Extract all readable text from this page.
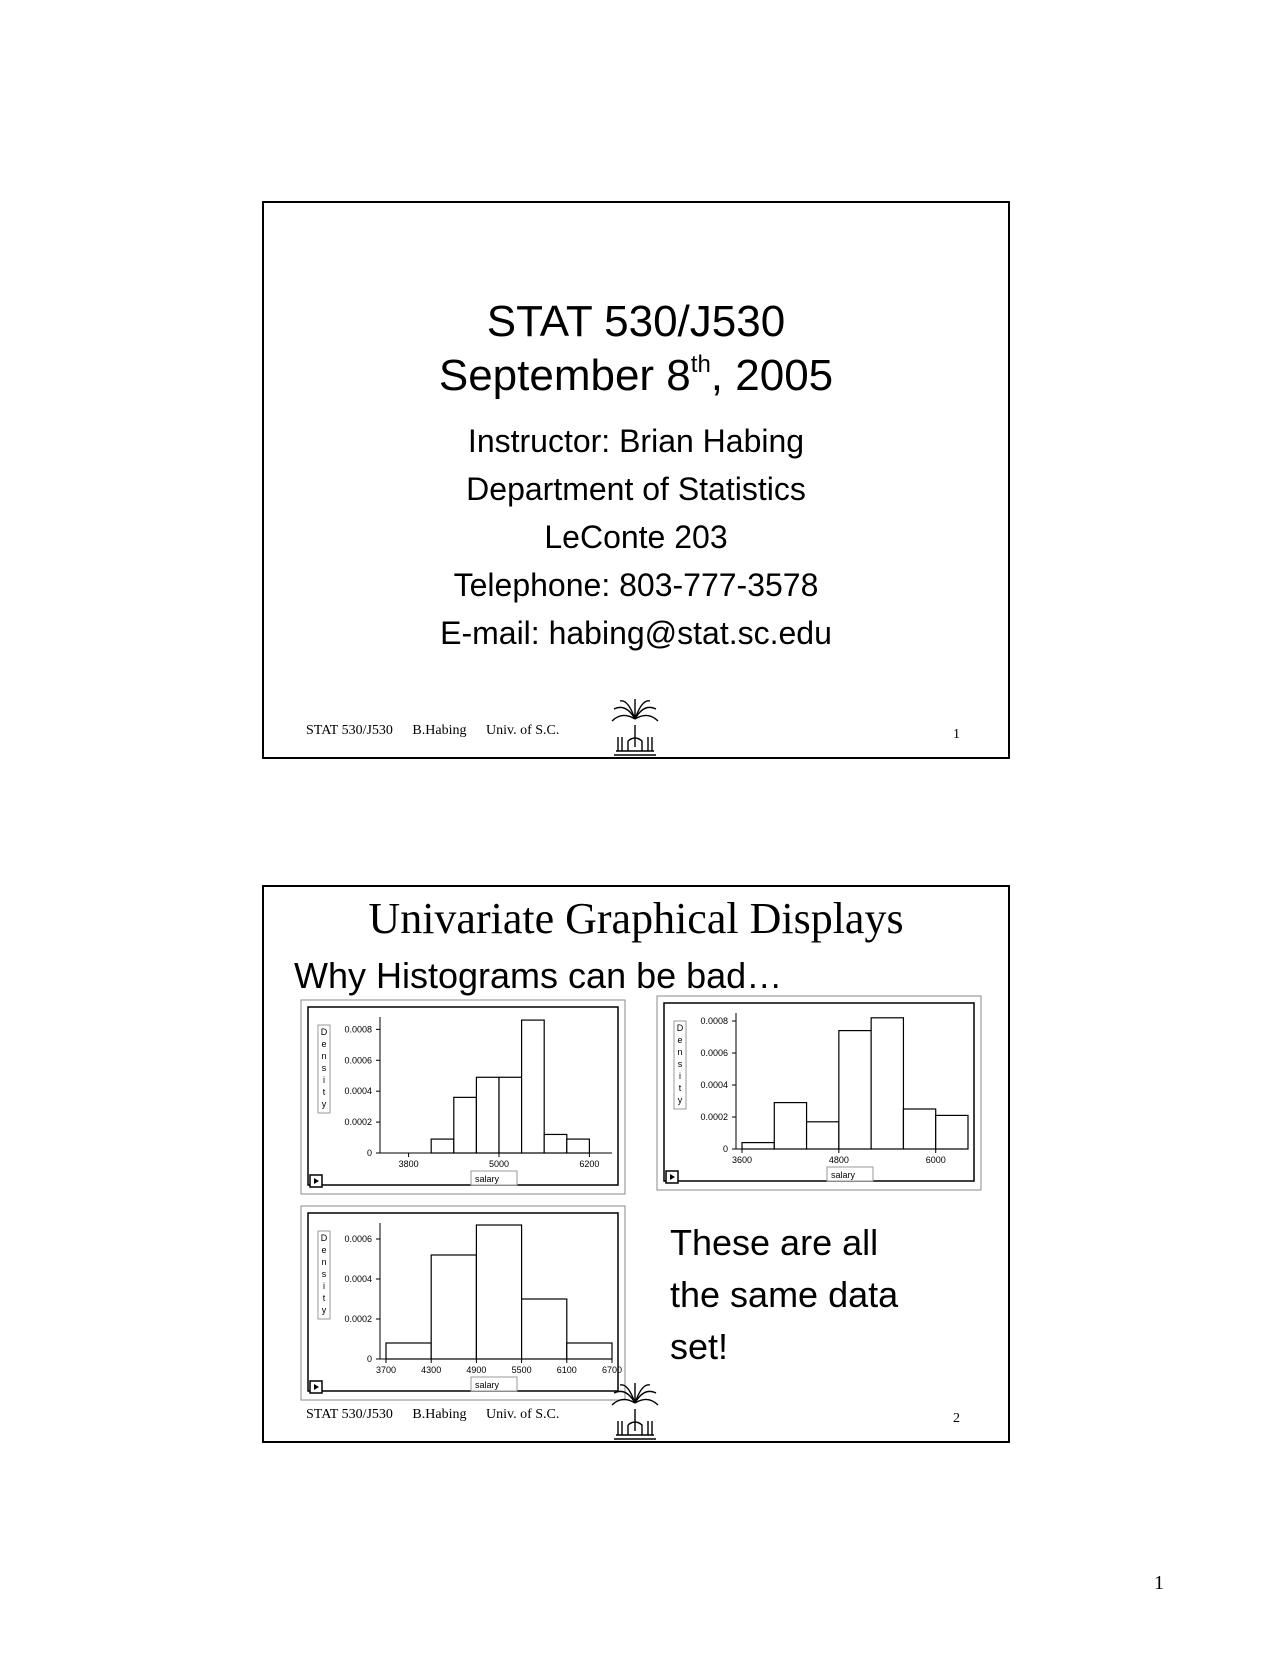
STAT 530/J530
September 8th, 2005
Instructor: Brian Habing
Department of Statistics
LeConte 203
Telephone: 803-777-3578
E-mail: habing@stat.sc.edu
STAT 530/J530 B.Habing Univ. of S.C.	1
Univariate Graphical Displays
Why Histograms can be bad…
0
0.0002
0.0004
0.0006
0.0008
3800	5000	6200
salary
D
e
n
s
i
t
y
0
0.0002
0.0004
0.0006
0.0008
3600	4800	6000
salary
D
e
n
s
i
t
y
0
0.0002
0.0004
0.0006
3700	4300	4900	5500	6100	6700
salary
D
e
n
s
i
t
y
These are all
the same data
set!
STAT 530/J530 B.Habing Univ. of S.C.	2
1
